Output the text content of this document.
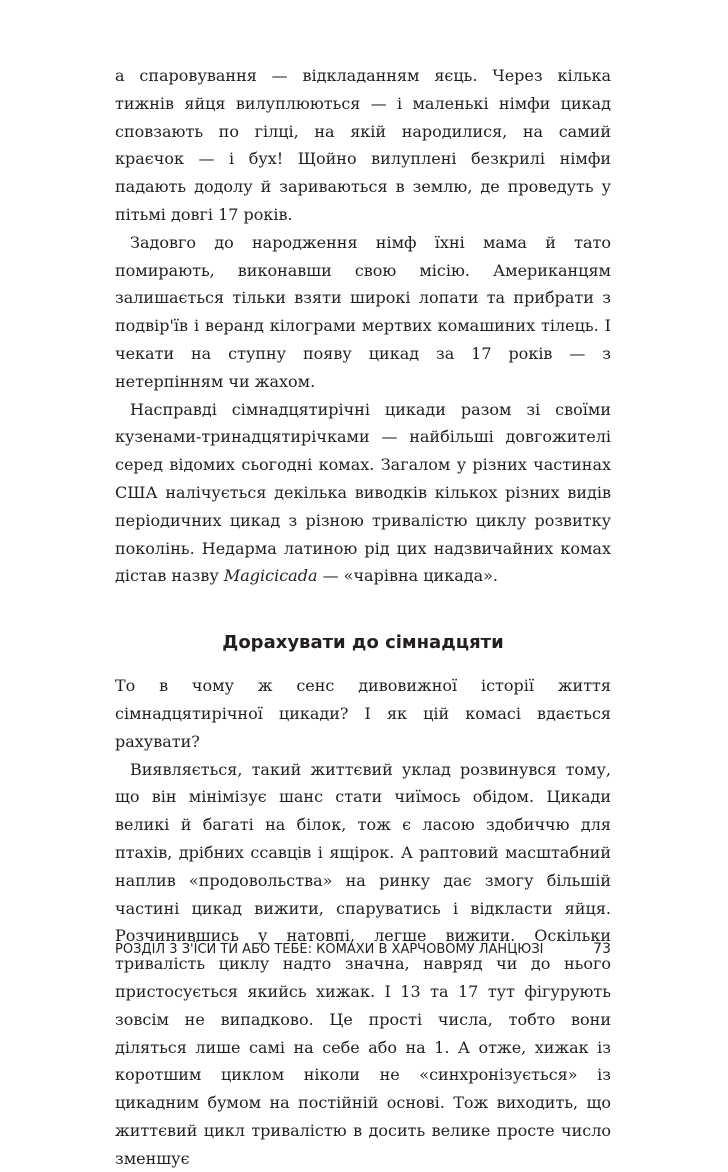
а спаровування — відкладанням яєць. Через кілька тижнів яйця вилуплюються — і маленькі німфи цикад сповзають по гілці, на якій народилися, на самий краєчок — і бух! Щойно вилуплені безкрилі німфи падають додолу й зариваються в землю, де проведуть у пітьмі довгі 17 років.

Задовго до народження німф їхні мама й тато помирають, виконавши свою місію. Американцям залишається тільки взяти широкі лопати та прибрати з подвір'їв і веранд кілограми мертвих комашиних тілець. І чекати на ступну появу цикад за 17 років — з нетерпінням чи жахом.

Насправді сімнадцятирічні цикади разом зі своїми кузенами-тринадцятирічками — найбільші довгожителі серед відомих сьогодні комах. Загалом у різних частинах США налічується декілька виводків кількох різних видів періодичних цикад з різною тривалістю циклу розвитку поколінь. Недарма латиною рід цих надзвичайних комах дістав назву Magicicada — «чарівна цикада».

Дорахувати до сімнадцяти

То в чому ж сенс дивовижної історії життя сімнадцятирічної цикади? І як цій комасі вдається рахувати?

Виявляється, такий життєвий уклад розвинувся тому, що він мінімізує шанс стати чиїмось обідом. Цикади великі й багаті на білок, тож є ласою здобиччю для птахів, дрібних ссавців і ящірок. А раптовий масштабний наплив «продовольства» на ринку дає змогу більшій частині цикад вижити, спаруватись і відкласти яйця. Розчинившись у натовпі, легше вижити. Оскільки тривалість циклу надто значна, навряд чи до нього пристосується якийсь хижак. І 13 та 17 тут фігурують зовсім не випадково. Це прості числа, тобто вони діляться лише самі на себе або на 1. А отже, хижак із коротшим циклом ніколи не «синхронізується» із цикадним бумом на постійній основі. Тож виходить, що життєвий цикл тривалістю в досить велике просте число зменшує

РОЗДІЛ 3 З'ЇСИ ТИ АБО ТЕБЕ: КОМАХИ В ХАРЧОВОМУ ЛАНЦЮЗІ	73
